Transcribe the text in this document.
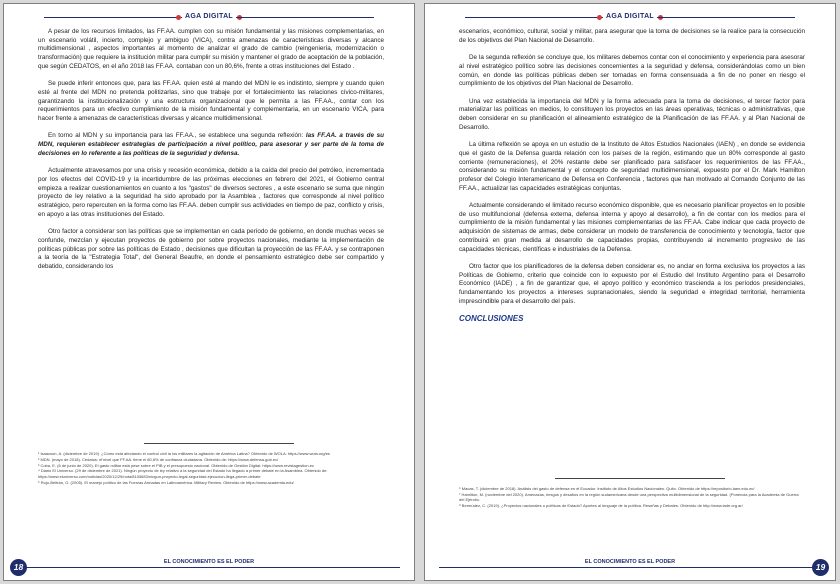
AGA DIGITAL

A pesar de los recursos limitados, las FF.AA. cumplen con su misión fundamental y las misiones complementarias, en un escenario volátil, incierto, complejo y ambiguo (VICA), contra amenazas de características diversas y alcance multidimensional , aspectos importantes al momento de analizar el grado de cambio (reingeniería, modernización o transformación) que requiere la institución militar para cumplir su misión y mantener el grado de aceptación de la población, que según CEDATOS, en el año 2018 las FF.AA. contaban con un 80,6%, frente a otras instituciones del Estado .

Se puede inferir entonces que, para las FF.AA. quien esté al mando del MDN le es indistinto, siempre y cuando quien esté al frente del MDN no pretenda politizarlas, sino que trabaje por el fortalecimiento las relaciones cívico-militares, garantizando la institucionalización y una estructura organizacional que le permita a las FF.AA., contar con los requerimientos para un efectivo cumplimiento de la misión fundamental y complementaria, en un escenario VICA, para hacer frente a amenazas de características diversas y alcance multidimensional.

En torno al MDN y su importancia para las FF.AA., se establece una segunda reflexión: las FF.AA. a través de su MDN, requieren establecer estrategias de participación a nivel político, para asesorar y ser parte de la toma de decisiones en lo referente a las políticas de la seguridad y defensa.

Actualmente atravesamos por una crisis y recesión económica, debido a la caída del precio del petróleo, incrementada por los efectos del COVID-19 y la incertidumbre de las próximas elecciones en febrero del 2021, el Gobierno central empieza a realizar cuestionamientos en cuanto a los "gastos" de diversos sectores , a este escenario se suma que ningún proyecto de ley relativo a la seguridad ha sido aprobado por la Asamblea , factores que corresponde al nivel político estratégico, pero repercuten en la forma como las FF.AA. deben cumplir sus actividades en tiempo de paz, conflicto y crisis, en apoyo a las otras instituciones del Estado.

Otro factor a considerar son las políticas que se implementan en cada período de gobierno, en donde muchas veces se confunde, mezclan y ejecutan proyectos de gobierno por sobre proyectos nacionales, mediante la implementación de políticas públicas por sobre las políticas de Estado , decisiones que dificultan la proyección de las FF.AA. y se contraponen a la teoría de la "Estrategia Total", del General Beaufre, en donde el pensamiento estratégico debe ser compartido y debatido, considerando los

¹ Isaacson, A. (diciembre de 2019). ¿Cómo está afectando el control civil la los militares la agitación de América Latina? Obtenido de WOLA: https://www.wola.org/es
² MDN. (mayo de 2018). Cedatos: el'nivel que FF.AA. tiene el 80,6% de confianza ciudadana. Obtenido de: https://www.defensa.gob.ec/
³ Coba, E. (6 de junio de 2020). El gasto militar está pese sobre el PIB y el presupuesto nacional. Obtenido de Gestión Digital: https://www.revistagestion.ec
⁴ Diario El Universo. (29 de diciembre de 2021). Ningún proyecto de ley relativo a la seguridad del Estado ha llegado a primer debate en la Asamblea. Obtenido de: https://www.eluniverso.com/noticias/2020/12/29/nota/8105683/ningun-proyecto-legal-seguridad-ejecucion-llega-primer-debate
⁵ Rojo-Beltrán, G. (2005). El manejo político de las Fuerzas Armadas en Latinoamérica. Military Review. Obtenido de https://www.academia.edu/
EL CONOCIMIENTO ES EL PODER
18
AGA DIGITAL

escenarios, económico, cultural, social y militar, para asegurar que la toma de decisiones se la realice para la consecución de los objetivos del Plan Nacional de Desarrollo.

De la segunda reflexión se concluye que, los militares debemos contar con el conocimiento y experiencia para asesorar al nivel estratégico político sobre las decisiones concernientes a la seguridad y defensa, considerándolas como un bien común, en donde las políticas públicas deben ser tomadas en forma consensuada a fin de no poner en riesgo el cumplimiento de los objetivos del Plan Nacional de Desarrollo.

Una vez establecida la importancia del MDN y la forma adecuada para la toma de decisiones, el tercer factor para materializar las políticas en medios, lo constituyen los proyectos en las áreas operativas, técnicas o administrativas, que deben considerar en su planificación el alineamiento estratégico de la Planificación de las FF.AA. y al Plan Nacional de Desarrollo.

La última reflexión se apoya en un estudio de la Instituto de Altos Estudios Nacionales (IAEN) , en donde se evidencia que el gasto de la Defensa guarda relación con los países de la región, estimando que un 80% corresponde al gasto corriente (remuneraciones), el 20% restante debe ser planificado para satisfacer los requerimientos de las FF.AA., considerando su misión fundamental y el concepto de seguridad multidimensional, expuesto por el Dr. Mark Hamilton profesor del Colegio Interamericano de Defensa en Conferencia , factores que han motivado al Comando Conjunto de las FF.AA., actualizar las capacidades estratégicas conjuntas.

Actualmente considerando el limitado recurso económico disponible, que es necesario planificar proyectos en lo posible de uso multifuncional (defensa externa, defensa interna y apoyo al desarrollo), a fin de contar con los medios para el cumplimiento de la misión fundamental y las misiones complementarias de las FF.AA. Cabe indicar que cada proyecto de adquisición de sistemas de armas, debe considerar un modelo de transferencia de conocimiento y tecnología, factor que contribuirá en gran medida al desarrollo de capacidades propias, contribuyendo al incremento progresivo de las capacidades técnicas, científicas e industriales de la Defensa.

Otro factor que los planificadores de la defensa deben considerar es, no anclar en forma exclusiva los proyectos a las Políticas de Gobierno, criterio que coincide con lo expuesto por el Estudio del Instituto Argentino para el Desarrollo Económico (IADE) , a fin de garantizar que, el apoyo político y económico trascienda a los períodos presidenciales, fundamentando los proyectos a intereses supranacionales, siendo la seguridad e integridad territorial, herramienta imprescindible para el desarrollo del país.

CONCLUSIONES

⁶ Macas, T. (diciembre de 2018). Análisis del gasto de defensa en el Ecuador. Instituto de Altos Estudios Nacionales. Quito. Obtenido de https://repositorio.iaen.edu.ec/
⁷ Hamilton, M. (noviembre del 2020). Amenazas, riesgos y desafíos en la región sudamericana desde una perspectiva multidimensional de la seguridad. (Ponencia para la Academia de Guerra del Ejército.
⁸ Bermúdez, C. (2019). ¿Proyectos nacionales o políticas de Estado? Aportes al lenguaje de la política. Reseñas y Debates. Obtenido de http://www.iade.org.ar/
EL CONOCIMIENTO ES EL PODER	19
